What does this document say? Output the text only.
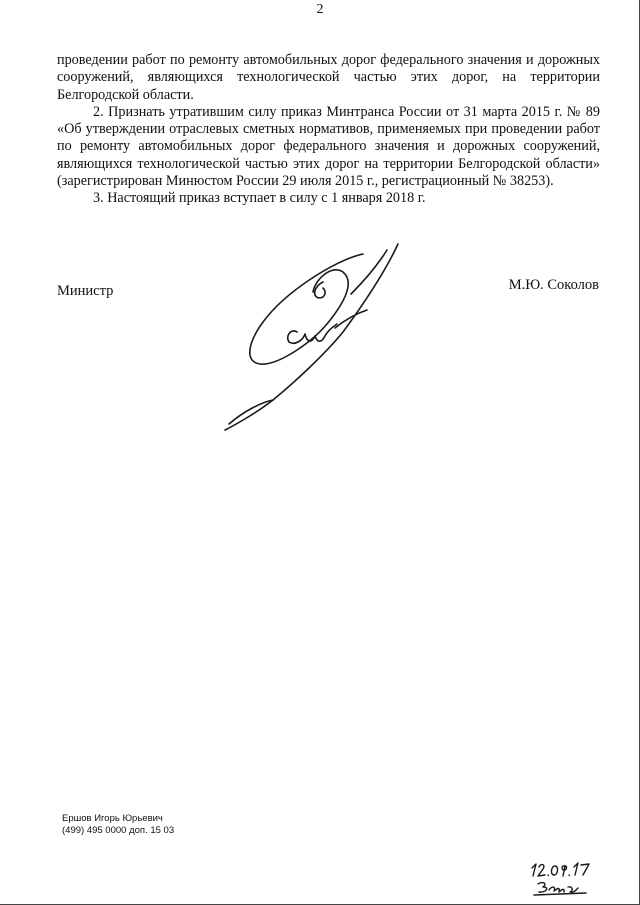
2

проведении работ по ремонту автомобильных дорог федерального значения и дорожных сооружений, являющихся технологической частью этих дорог, на территории Белгородской области.

2. Признать утратившим силу приказ Минтранса России от 31 марта 2015 г. № 89 «Об утверждении отраслевых сметных нормативов, применяемых при проведении работ по ремонту автомобильных дорог федерального значения и дорожных сооружений, являющихся технологической частью этих дорог на территории Белгородской области» (зарегистрирован Минюстом России 29 июля 2015 г., регистрационный № 38253).

3. Настоящий приказ вступает в силу с 1 января 2018 г.

Министр	М.Ю. Соколов
Ершов Игорь Юрьевич
(499) 495 0000 доп. 15 03
